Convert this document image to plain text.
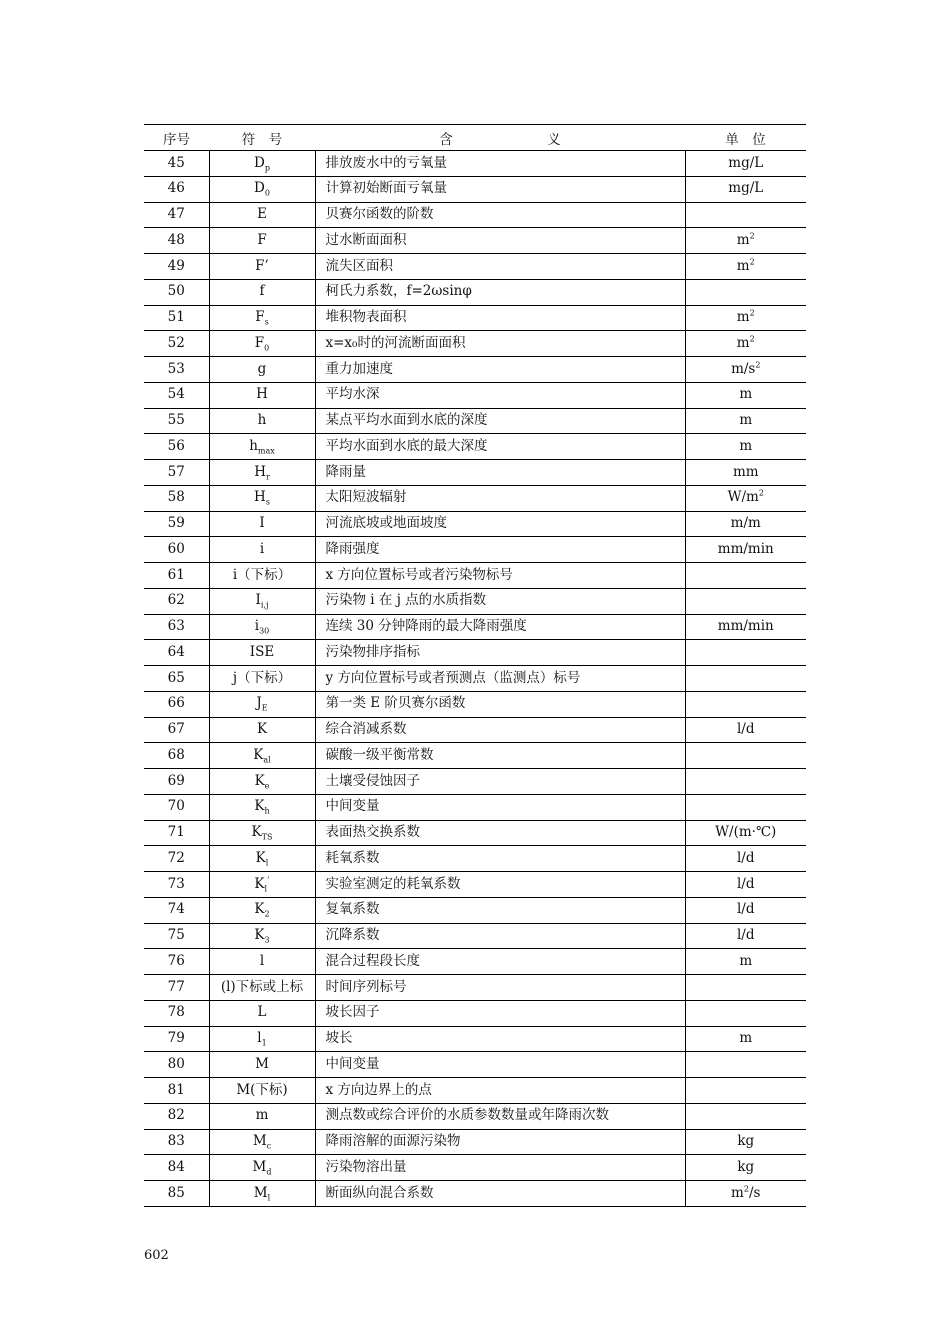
序号	符　号	含　　　　　　　义	单　位
45	$D_p$	排放废水中的亏氧量	mg/L
46	$D_0$	计算初始断面亏氧量	mg/L
47	E	贝赛尔函数的阶数	
48	F	过水断面面积	$m^2$
49	F’	流失区面积	$m^2$
50	f	柯氏力系数，f=2ωsinφ	
51	$F_s$	堆积物表面积	$m^2$
52	$F_0$	x=x₀时的河流断面面积	$m^2$
53	g	重力加速度	$m/s^2$
54	H	平均水深	m
55	h	某点平均水面到水底的深度	m
56	$h_{max}$	平均水面到水底的最大深度	m
57	$H_r$	降雨量	mm
58	$H_s$	太阳短波辐射	$W/m^2$
59	I	河流底坡或地面坡度	m/m
60	i	降雨强度	mm/min
61	i（下标）	x 方向位置标号或者污染物标号	
62	$I_{i,j}$	污染物 i 在 j 点的水质指数	
63	$i_{30}$	连续 30 分钟降雨的最大降雨强度	mm/min
64	ISE	污染物排序指标	
65	j（下标）	y 方向位置标号或者预测点（监测点）标号	
66	$J_E$	第一类 E 阶贝赛尔函数	
67	K	综合消减系数	l/d
68	$K_{al}$	碳酸一级平衡常数	
69	$K_e$	土壤受侵蚀因子	
70	$K_h$	中间变量	
71	$K_{TS}$	表面热交换系数	W/(m·℃)
72	$K_l$	耗氧系数	l/d
73	$K_l^’$	实验室测定的耗氧系数	l/d
74	$K_2$	复氧系数	l/d
75	$K_3$	沉降系数	l/d
76	l	混合过程段长度	m
77	(l)下标或上标	时间序列标号	
78	L	坡长因子	
79	$l_1$	坡长	m
80	M	中间变量	
81	M(下标)	x 方向边界上的点	
82	m	测点数或综合评价的水质参数数量或年降雨次数	
83	$M_c$	降雨溶解的面源污染物	kg
84	$M_d$	污染物溶出量	kg
85	$M_l$	断面纵向混合系数	$m^2/s$
602
